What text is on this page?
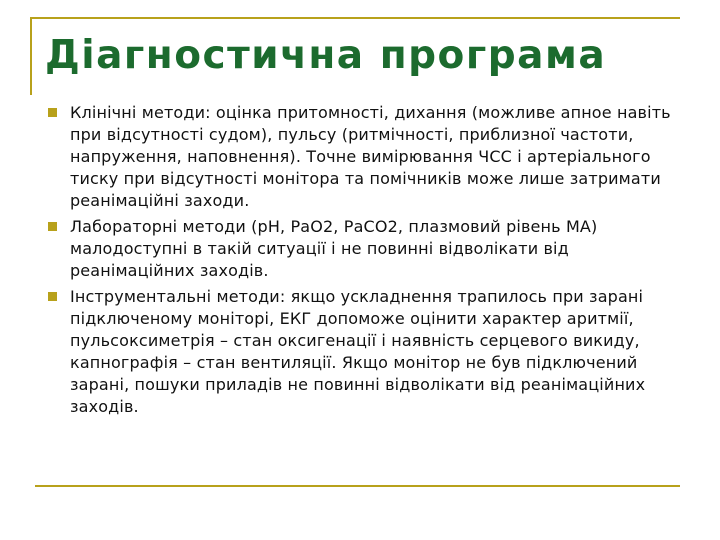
Діагностична програма
Клінічні методи: оцінка притомності, дихання (можливе апное навіть при відсутності судом), пульсу (ритмічності, приблизної частоти, напруження, наповнення). Точне вимірювання ЧСС і артеріального тиску при відсутності монітора та помічників може лише затримати реанімаційні заходи.
Лабораторні методи (рН, РаО2, РаСО2, плазмовий рівень МА) малодоступні в такій ситуації і не повинні відволікати від реанімаційних заходів.
Інструментальні методи: якщо ускладнення трапилось при зарані підключеному моніторі, ЕКГ допоможе оцінити характер аритмії, пульсоксиметрія – стан оксигенації і наявність серцевого викиду, капнографія – стан вентиляції. Якщо монітор не був підключений зарані, пошуки приладів не повинні відволікати від реанімаційних заходів.
